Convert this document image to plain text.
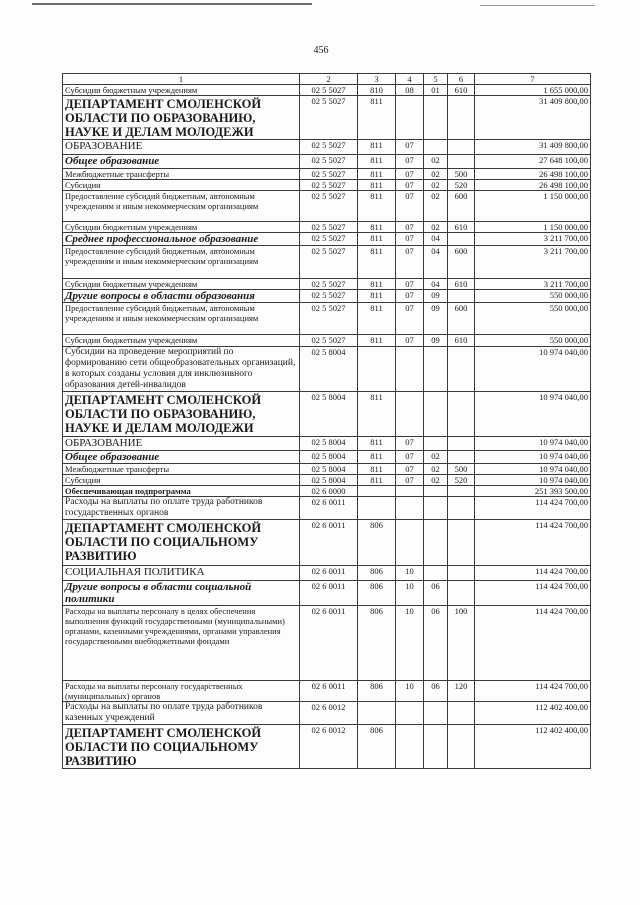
456
1	2	3	4	5	6	7
Субсидии бюджетным учреждениям	02 5 5027	810	08	01	610	1 655 000,00
ДЕПАРТАМЕНТ СМОЛЕНСКОЙ ОБЛАСТИ ПО ОБРАЗОВАНИЮ, НАУКЕ И ДЕЛАМ МОЛОДЕЖИ	02 5 5027	811				31 409 800,00
ОБРАЗОВАНИЕ	02 5 5027	811	07			31 409 800,00
Общее образование	02 5 5027	811	07	02		27 648 100,00
Межбюджетные трансферты	02 5 5027	811	07	02	500	26 498 100,00
Субсидии	02 5 5027	811	07	02	520	26 498 100,00
Предоставление субсидий бюджетным, автономным учреждениям и иным некоммерческим организациям	02 5 5027	811	07	02	600	1 150 000,00
Субсидии бюджетным учреждениям	02 5 5027	811	07	02	610	1 150 000,00
Среднее профессиональное образование	02 5 5027	811	07	04		3 211 700,00
Предоставление субсидий бюджетным, автономным учреждениям и иным некоммерческим организациям	02 5 5027	811	07	04	600	3 211 700,00
Субсидии бюджетным учреждениям	02 5 5027	811	07	04	610	3 211 700,00
Другие вопросы в области образования	02 5 5027	811	07	09		550 000,00
Предоставление субсидий бюджетным, автономным учреждениям и иным некоммерческим организациям	02 5 5027	811	07	09	600	550 000,00
Субсидии бюджетным учреждениям	02 5 5027	811	07	09	610	550 000,00
Субсидии на проведение мероприятий по формированию сети общеобразовательных организаций, в которых созданы условия для инклюзивного образования детей-инвалидов	02 5 8004					10 974 040,00
ДЕПАРТАМЕНТ СМОЛЕНСКОЙ ОБЛАСТИ ПО ОБРАЗОВАНИЮ, НАУКЕ И ДЕЛАМ МОЛОДЕЖИ	02 5 8004	811				10 974 040,00
ОБРАЗОВАНИЕ	02 5 8004	811	07			10 974 040,00
Общее образование	02 5 8004	811	07	02		10 974 040,00
Межбюджетные трансферты	02 5 8004	811	07	02	500	10 974 040,00
Субсидии	02 5 8004	811	07	02	520	10 974 040,00
Обеспечивающая подпрограмма	02 6 0000					251 393 500,00
Расходы на выплаты по оплате труда работников государственных органов	02 6 0011					114 424 700,00
ДЕПАРТАМЕНТ СМОЛЕНСКОЙ ОБЛАСТИ ПО СОЦИАЛЬНОМУ РАЗВИТИЮ	02 6 0011	806				114 424 700,00
СОЦИАЛЬНАЯ ПОЛИТИКА	02 6 0011	806	10			114 424 700,00
Другие вопросы в области социальной политики	02 6 0011	806	10	06		114 424 700,00
Расходы на выплаты персоналу в целях обеспечения выполнения функций государственными (муниципальными) органами, казенными учреждениями, органами управления государственными внебюджетными фондами	02 6 0011	806	10	06	100	114 424 700,00
Расходы на выплаты персоналу государственных (муниципальных) органов	02 6 0011	806	10	06	120	114 424 700,00
Расходы на выплаты по оплате труда работников казенных учреждений	02 6 0012					112 402 400,00
ДЕПАРТАМЕНТ СМОЛЕНСКОЙ ОБЛАСТИ ПО СОЦИАЛЬНОМУ РАЗВИТИЮ	02 6 0012	806				112 402 400,00
